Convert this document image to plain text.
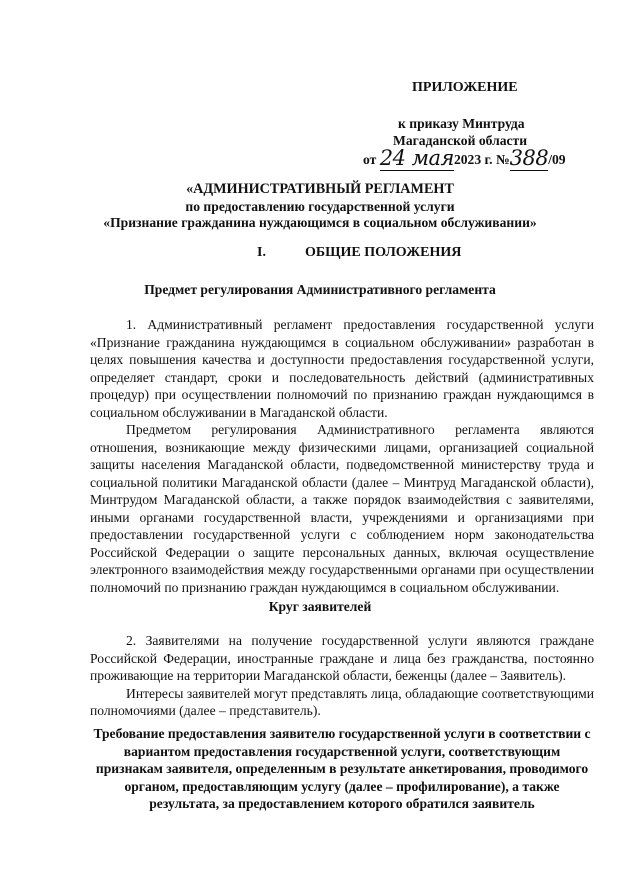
ПРИЛОЖЕНИЕ
к приказу Минтруда
Магаданской области
от 24 мая2023 г. №388/09
«АДМИНИСТРАТИВНЫЙ РЕГЛАМЕНТ
по предоставлению государственной услуги
«Признание гражданина нуждающимся в социальном обслуживании»
I.	ОБЩИЕ ПОЛОЖЕНИЯ
Предмет регулирования Административного регламента

1. Административный регламент предоставления государственной услуги «Признание гражданина нуждающимся в социальном обслуживании» разработан в целях повышения качества и доступности предоставления государственной услуги, определяет стандарт, сроки и последовательность действий (административных процедур) при осуществлении полномочий по признанию граждан нуждающимся в социальном обслуживании в Магаданской области.

Предметом регулирования Административного регламента являются отношения, возникающие между физическими лицами, организацией социальной защиты населения Магаданской области, подведомственной министерству труда и социальной политики Магаданской области (далее – Минтруд Магаданской области), Минтрудом Магаданской области, а также порядок взаимодействия с заявителями, иными органами государственной власти, учреждениями и организациями при предоставлении государственной услуги с соблюдением норм законодательства Российской Федерации о защите персональных данных, включая осуществление электронного взаимодействия между государственными органами при осуществлении полномочий по признанию граждан нуждающимся в социальном обслуживании.

Круг заявителей

2. Заявителями на получение государственной услуги являются граждане Российской Федерации, иностранные граждане и лица без гражданства, постоянно проживающие на территории Магаданской области, беженцы (далее – Заявитель).

Интересы заявителей могут представлять лица, обладающие соответствующими полномочиями (далее – представитель).

Требование предоставления заявителю государственной услуги в соответствии с вариантом предоставления государственной услуги, соответствующим признакам заявителя, определенным в результате анкетирования, проводимого органом, предоставляющим услугу (далее – профилирование), а также результата, за предоставлением которого обратился заявитель
